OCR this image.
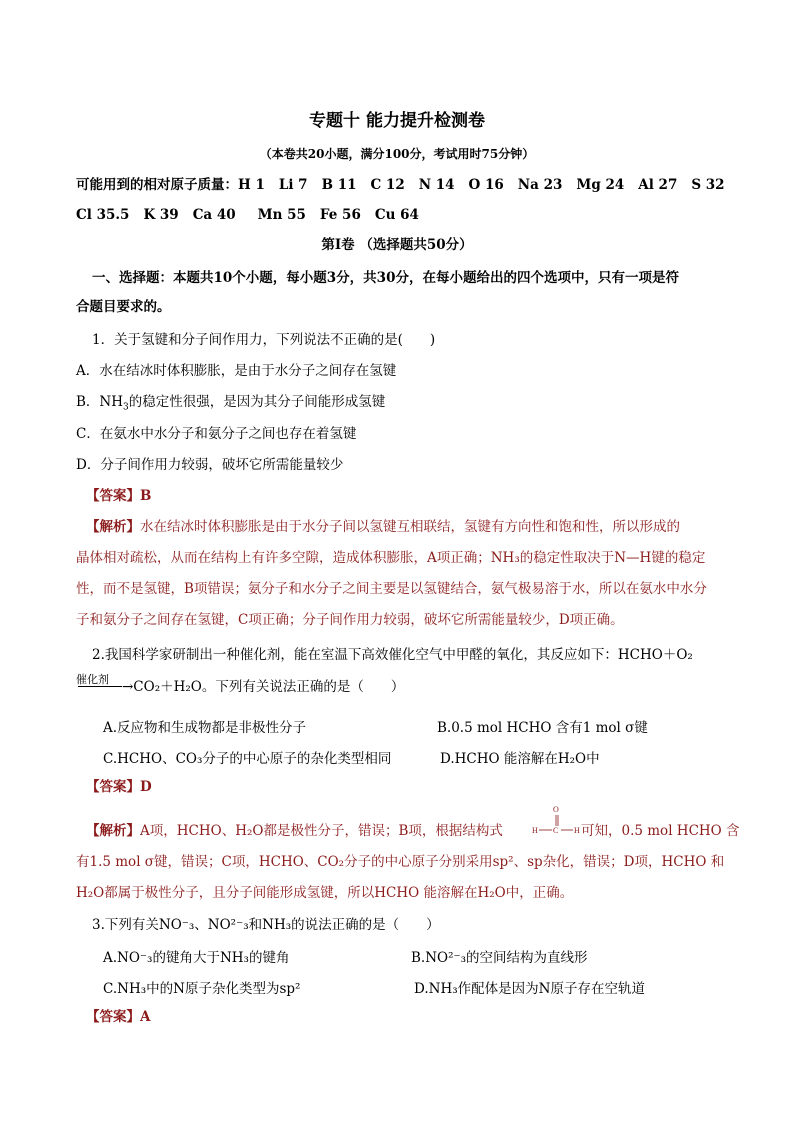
专题十 能力提升检测卷
（本卷共20小题，满分100分，考试用时75分钟）
可能用到的相对原子质量：H 1 Li 7 B 11 C 12 N 14 O 16 Na 23 Mg 24 Al 27 S 32
Cl 35.5 K 39 Ca 40 Mn 55 Fe 56 Cu 64
第Ⅰ卷 （选择题共50分）
一、选择题：本题共10个小题，每小题3分，共30分，在每小题给出的四个选项中，只有一项是符
合题目要求的。
1．关于氢键和分子间作用力，下列说法不正确的是(　　)
A．水在结冰时体积膨胀，是由于水分子之间存在氢键
B．$NH_3$的稳定性很强，是因为其分子间能形成氢键
C．在氨水中水分子和氨分子之间也存在着氢键
D．分子间作用力较弱，破坏它所需能量较少
【答案】B
【解析】水在结冰时体积膨胀是由于水分子间以氢键互相联结，氢键有方向性和饱和性，所以形成的
晶体相对疏松，从而在结构上有许多空隙，造成体积膨胀，A项正确；NH₃的稳定性取决于N—H键的稳定
性，而不是氢键，B项错误；氨分子和水分子之间主要是以氢键结合，氨气极易溶于水，所以在氨水中水分
子和氨分子之间存在氢键，C项正确；分子间作用力较弱，破坏它所需能量较少，D项正确。
2.我国科学家研制出一种催化剂，能在室温下高效催化空气中甲醛的氧化，其反应如下：HCHO＋O₂
催化剂 →CO₂＋H₂O。下列有关说法正确的是（　　）
A.反应物和生成物都是非极性分子	B.0.5 mol HCHO 含有1 mol σ键
C.HCHO、CO₃分子的中心原子的杂化类型相同	D.HCHO 能溶解在H₂O中
【答案】D
【解析】A项，HCHO、H₂O都是极性分子，错误；B项，根据结构式
O
H C H 可知，0.5 mol HCHO 含
有1.5 mol σ键，错误；C项，HCHO、CO₂分子的中心原子分别采用sp²、sp杂化，错误；D项，HCHO 和
H₂O都属于极性分子，且分子间能形成氢键，所以HCHO 能溶解在H₂O中，正确。
3.下列有关NO⁻₃、NO²⁻₃和NH₃的说法正确的是（　　）
A.NO⁻₃的键角大于NH₃的键角	B.NO²⁻₃的空间结构为直线形
C.NH₃中的N原子杂化类型为sp²	D.NH₃作配体是因为N原子存在空轨道
【答案】A
